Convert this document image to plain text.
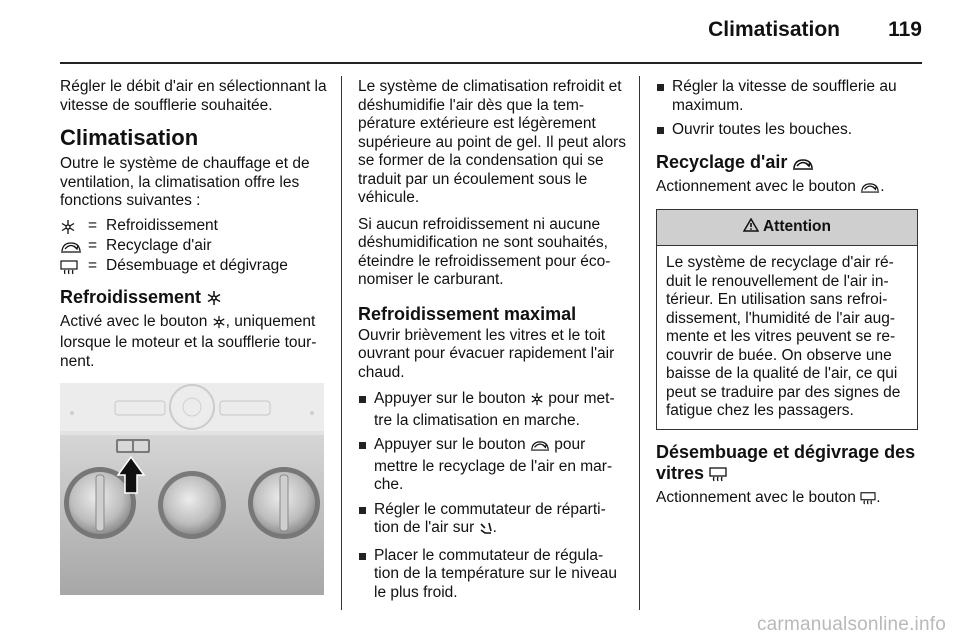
Climatisation 119

Régler le débit d'air en sélectionnant la vitesse de soufflerie souhaitée.

Climatisation

Outre le système de chauffage et de ventilation, la climatisation offre les fonctions suivantes :

= Refroidissement
= Recyclage d'air
= Désembuage et dégivrage
Refroidissement

Activé avec le bouton , uniquement lorsque le moteur et la soufflerie tour-nent.

Le système de climatisation refroidit et déshumidifie l'air dès que la tem-pérature extérieure est légèrement supérieure au point de gel. Il peut alors se former de la condensation qui se traduit par un écoulement sous le véhicule.

Si aucun refroidissement ni aucune déshumidification ne sont souhaités, éteindre le refroidissement pour éco-nomiser le carburant.

Refroidissement maximal

Ouvrir brièvement les vitres et le toit ouvrant pour évacuer rapidement l'air chaud.

Appuyer sur le bouton pour met-tre la climatisation en marche.
Appuyer sur le bouton pour mettre le recyclage de l'air en mar-che.
Régler le commutateur de réparti-tion de l'air sur .
Placer le commutateur de régula-tion de la température sur le niveau le plus froid.
Régler la vitesse de soufflerie au maximum.
Ouvrir toutes les bouches.
Recyclage d'air

Actionnement avec le bouton .

Attention
Le système de recyclage d'air ré-duit le renouvellement de l'air in-térieur. En utilisation sans refroi-dissement, l'humidité de l'air aug-mente et les vitres peuvent se re-couvrir de buée. On observe une baisse de la qualité de l'air, ce qui peut se traduire par des signes de fatigue chez les passagers.
Désembuage et dégivrage des vitres

Actionnement avec le bouton .

carmanualsonline.info
